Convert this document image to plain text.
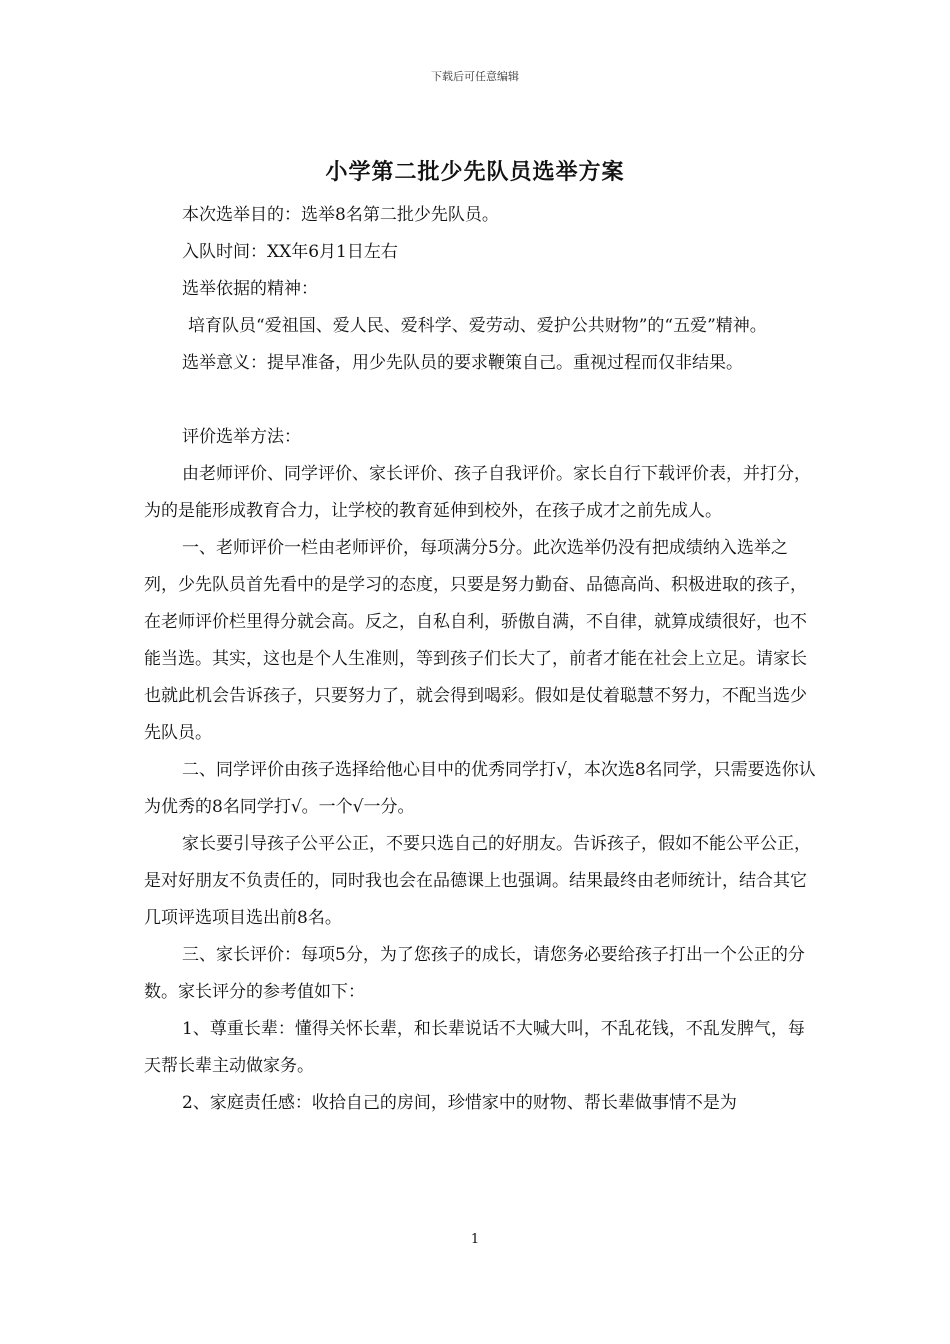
下载后可任意编辑
小学第二批少先队员选举方案

本次选举目的：选举8名第二批少先队员。

入队时间：XX年6月1日左右

选举依据的精神：

培育队员“爱祖国、爱人民、爱科学、爱劳动、爱护公共财物”的“五爱”精神。

选举意义：提早准备，用少先队员的要求鞭策自己。重视过程而仅非结果。

评价选举方法：

由老师评价、同学评价、家长评价、孩子自我评价。家长自行下载评价表，并打分，为的是能形成教育合力，让学校的教育延伸到校外，在孩子成才之前先成人。

一、老师评价一栏由老师评价，每项满分5分。此次选举仍没有把成绩纳入选举之列，少先队员首先看中的是学习的态度，只要是努力勤奋、品德高尚、积极进取的孩子，在老师评价栏里得分就会高。反之，自私自利，骄傲自满，不自律，就算成绩很好，也不能当选。其实，这也是个人生准则，等到孩子们长大了，前者才能在社会上立足。请家长也就此机会告诉孩子，只要努力了，就会得到喝彩。假如是仗着聪慧不努力，不配当选少先队员。

二、同学评价由孩子选择给他心目中的优秀同学打√，本次选8名同学，只需要选你认为优秀的8名同学打√。一个√一分。

家长要引导孩子公平公正，不要只选自己的好朋友。告诉孩子，假如不能公平公正，是对好朋友不负责任的，同时我也会在品德课上也强调。结果最终由老师统计，结合其它几项评选项目选出前8名。

三、家长评价：每项5分，为了您孩子的成长，请您务必要给孩子打出一个公正的分数。家长评分的参考值如下：

1、尊重长辈：懂得关怀长辈，和长辈说话不大喊大叫，不乱花钱，不乱发脾气，每天帮长辈主动做家务。

2、家庭责任感：收拾自己的房间，珍惜家中的财物、帮长辈做事情不是为

1
